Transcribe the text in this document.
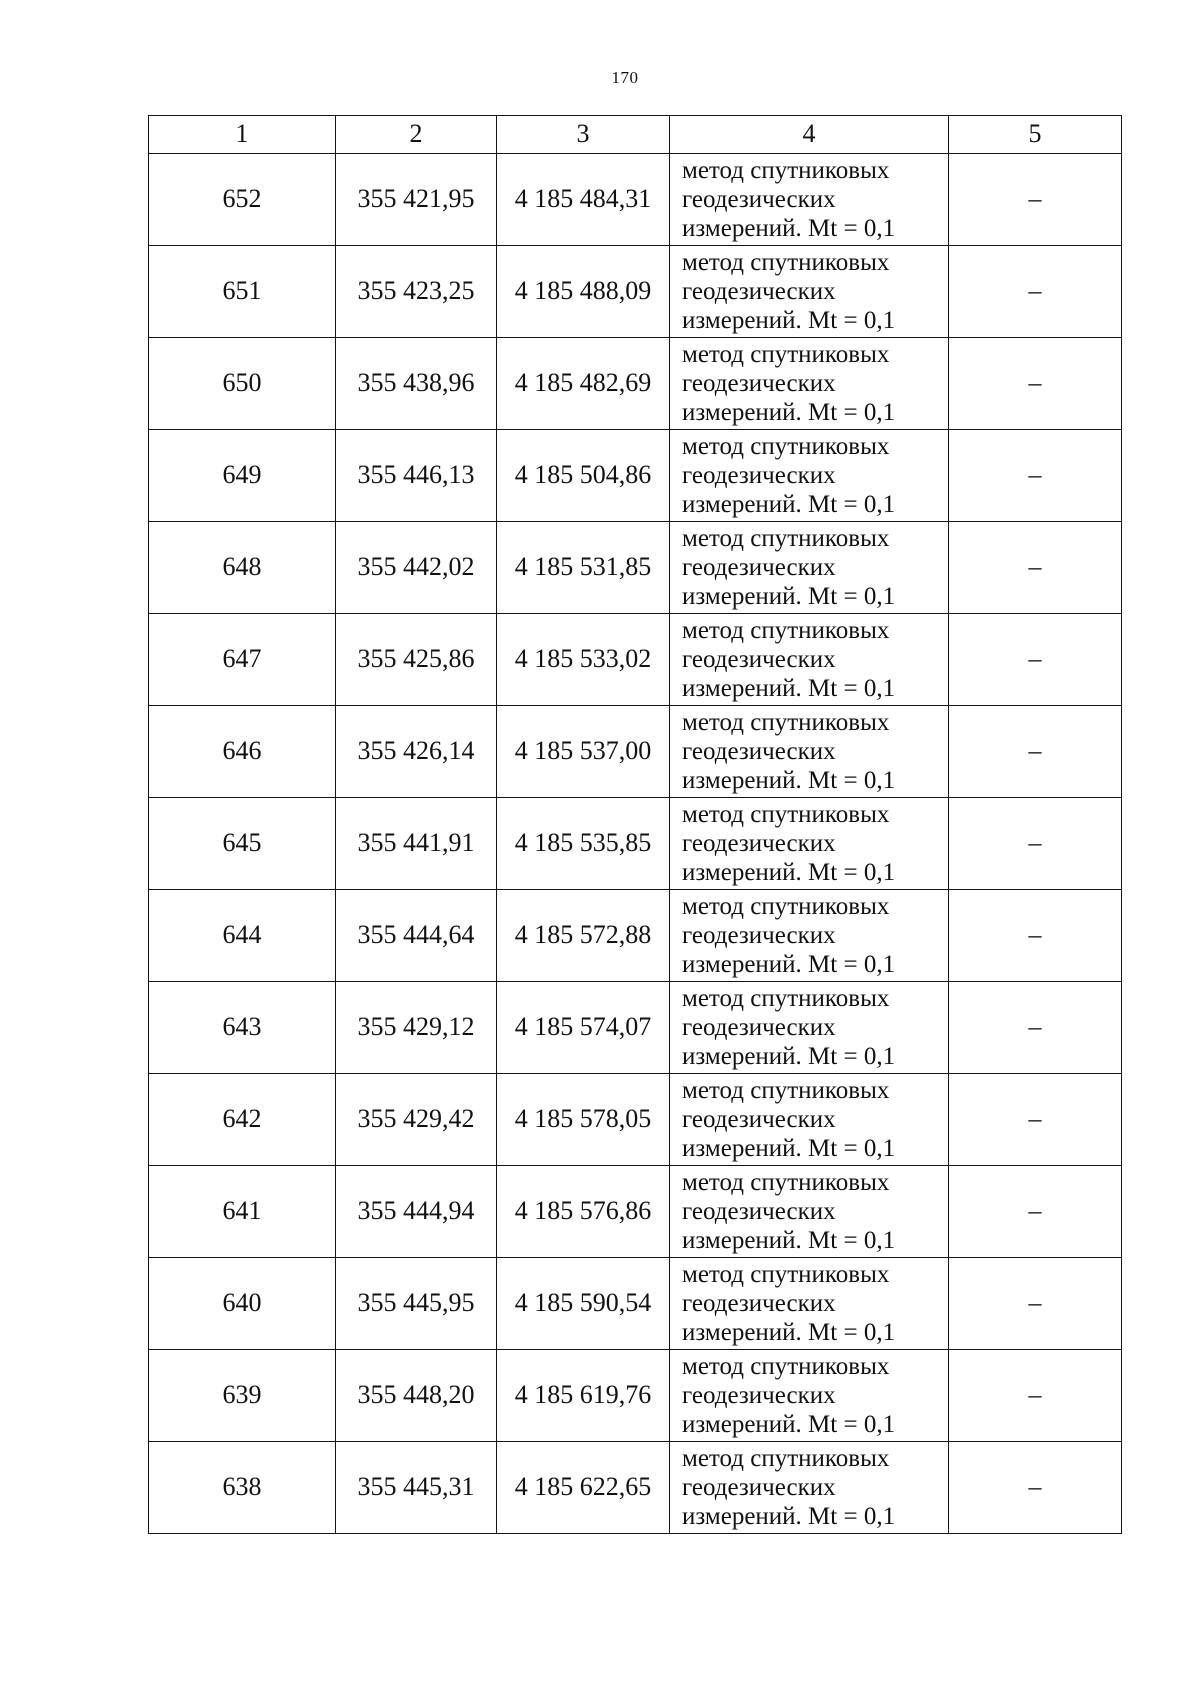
170
1	2	3	4	5
652	355 421,95	4 185 484,31	метод спутниковых
геодезических
измерений. Mt = 0,1	–
651	355 423,25	4 185 488,09	метод спутниковых
геодезических
измерений. Mt = 0,1	–
650	355 438,96	4 185 482,69	метод спутниковых
геодезических
измерений. Mt = 0,1	–
649	355 446,13	4 185 504,86	метод спутниковых
геодезических
измерений. Mt = 0,1	–
648	355 442,02	4 185 531,85	метод спутниковых
геодезических
измерений. Mt = 0,1	–
647	355 425,86	4 185 533,02	метод спутниковых
геодезических
измерений. Mt = 0,1	–
646	355 426,14	4 185 537,00	метод спутниковых
геодезических
измерений. Mt = 0,1	–
645	355 441,91	4 185 535,85	метод спутниковых
геодезических
измерений. Mt = 0,1	–
644	355 444,64	4 185 572,88	метод спутниковых
геодезических
измерений. Mt = 0,1	–
643	355 429,12	4 185 574,07	метод спутниковых
геодезических
измерений. Mt = 0,1	–
642	355 429,42	4 185 578,05	метод спутниковых
геодезических
измерений. Mt = 0,1	–
641	355 444,94	4 185 576,86	метод спутниковых
геодезических
измерений. Mt = 0,1	–
640	355 445,95	4 185 590,54	метод спутниковых
геодезических
измерений. Mt = 0,1	–
639	355 448,20	4 185 619,76	метод спутниковых
геодезических
измерений. Mt = 0,1	–
638	355 445,31	4 185 622,65	метод спутниковых
геодезических
измерений. Mt = 0,1	–
